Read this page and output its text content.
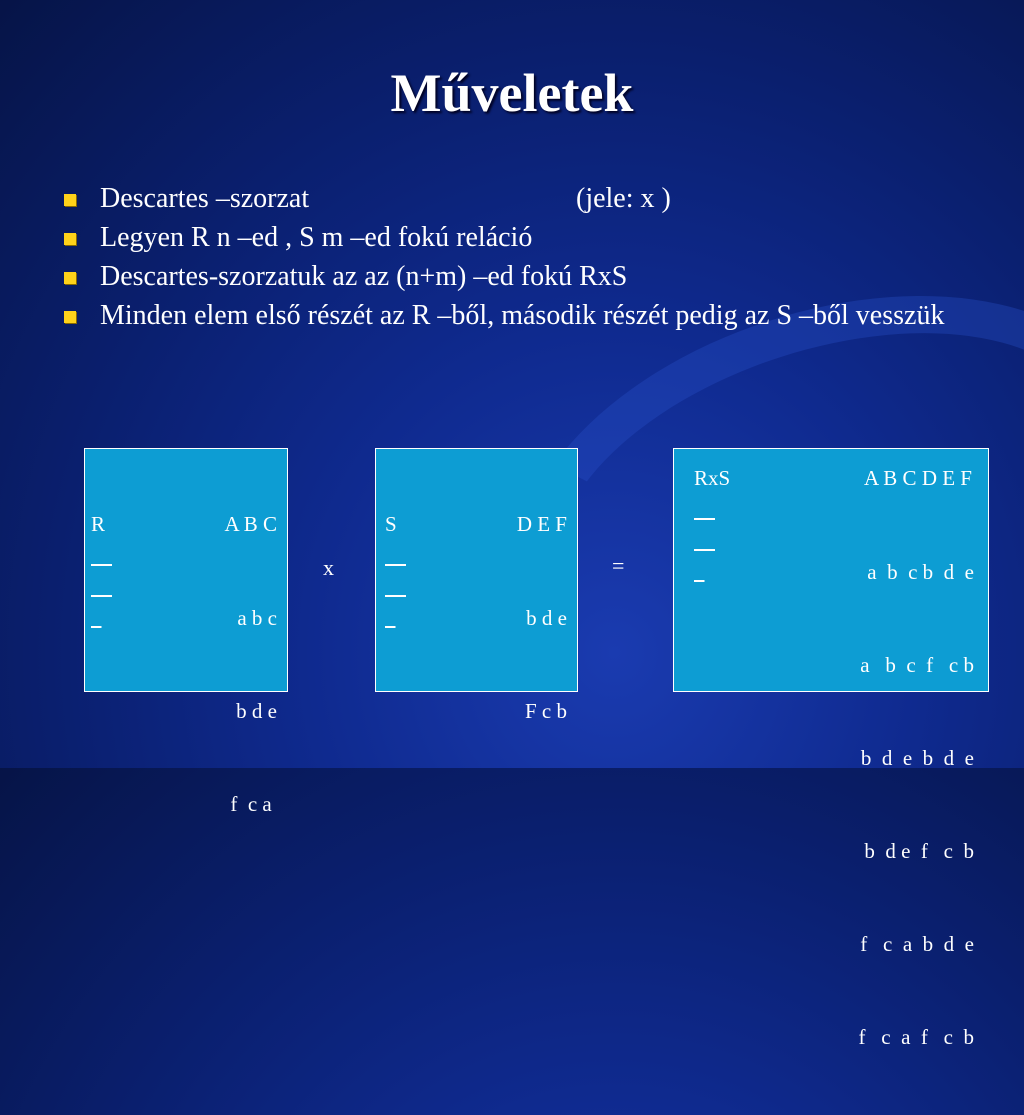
Műveletek
Descartes –szorzat	(jele: x )
Legyen R n –ed , S m –ed fokú reláció
Descartes-szorzatuk az az (n+m) –ed fokú RxS
Minden elem első részét az R –ből, második részét pedig az S –ből vesszük

R

	A B C

a b c

b d e

f  c a

x

S

	D E F

b d e

F c b

=

RxS

	A B C D E F

a  b  c b  d  e

a   b  c  f   c b

b  d  e  b  d  e

b  d e  f   c  b

f   c  a  b  d  e

f   c  a  f   c  b
